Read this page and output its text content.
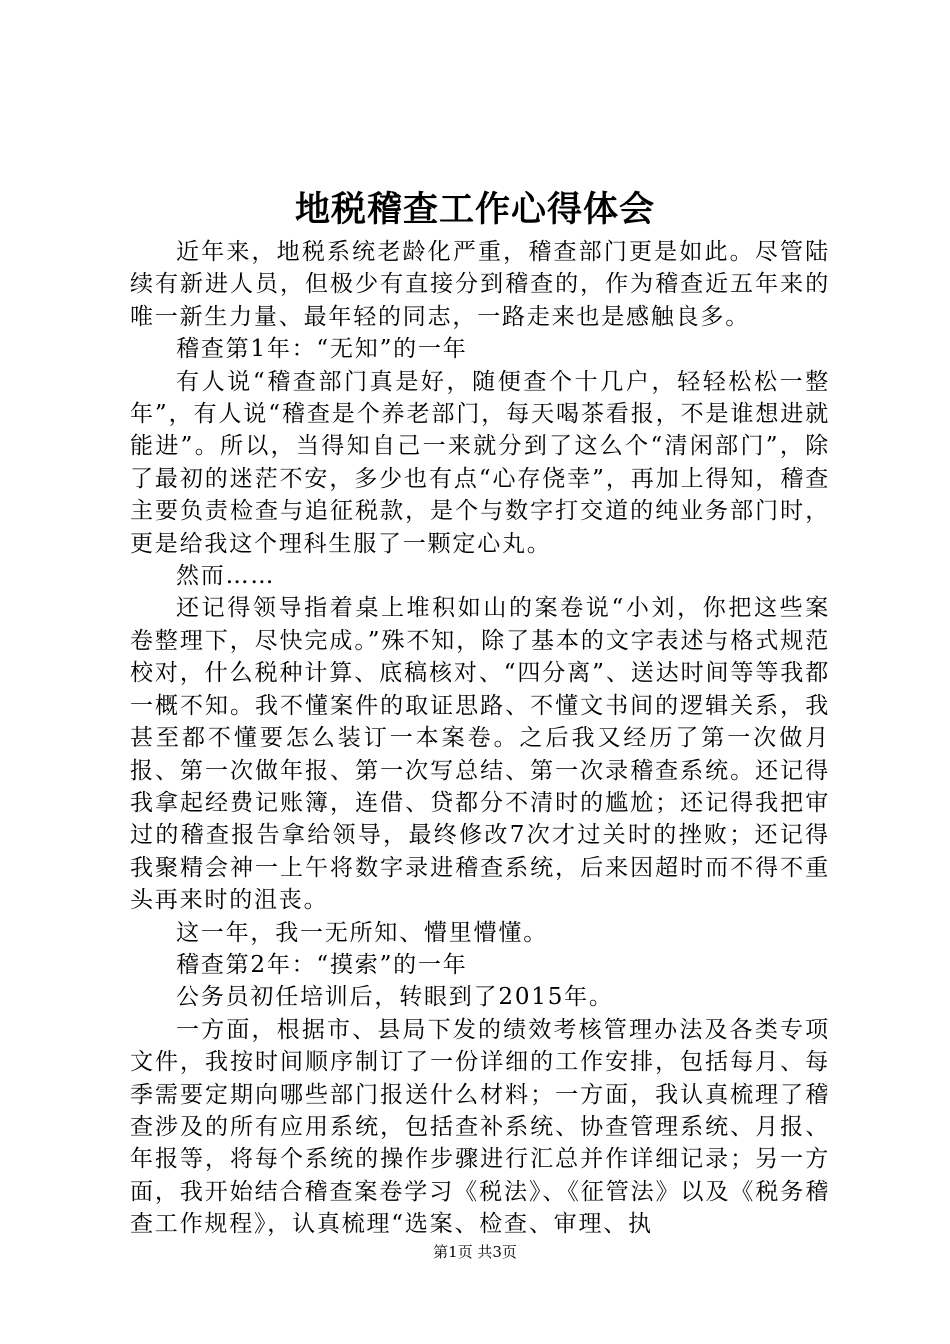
地税稽查工作心得体会

近年来，地税系统老龄化严重，稽查部门更是如此。尽管陆续有新进人员，但极少有直接分到稽查的，作为稽查近五年来的唯一新生力量、最年轻的同志，一路走来也是感触良多。

稽查第1年：“无知”的一年

有人说“稽查部门真是好，随便查个十几户，轻轻松松一整年”，有人说“稽查是个养老部门，每天喝茶看报，不是谁想进就能进”。所以，当得知自己一来就分到了这么个“清闲部门”，除了最初的迷茫不安，多少也有点“心存侥幸”，再加上得知，稽查主要负责检查与追征税款，是个与数字打交道的纯业务部门时，更是给我这个理科生服了一颗定心丸。

然而……

还记得领导指着桌上堆积如山的案卷说“小刘，你把这些案卷整理下，尽快完成。”殊不知，除了基本的文字表述与格式规范校对，什么税种计算、底稿核对、“四分离”、送达时间等等我都一概不知。我不懂案件的取证思路、不懂文书间的逻辑关系，我甚至都不懂要怎么装订一本案卷。之后我又经历了第一次做月报、第一次做年报、第一次写总结、第一次录稽查系统。还记得我拿起经费记账簿，连借、贷都分不清时的尴尬；还记得我把审过的稽查报告拿给领导，最终修改7次才过关时的挫败；还记得我聚精会神一上午将数字录进稽查系统，后来因超时而不得不重头再来时的沮丧。

这一年，我一无所知、懵里懵懂。

稽查第2年：“摸索”的一年

公务员初任培训后，转眼到了2015年。

一方面，根据市、县局下发的绩效考核管理办法及各类专项文件，我按时间顺序制订了一份详细的工作安排，包括每月、每季需要定期向哪些部门报送什么材料；一方面，我认真梳理了稽查涉及的所有应用系统，包括查补系统、协查管理系统、月报、年报等，将每个系统的操作步骤进行汇总并作详细记录；另一方面，我开始结合稽查案卷学习《税法》、《征管法》以及《税务稽查工作规程》，认真梳理“选案、检查、审理、执

第1页 共3页
